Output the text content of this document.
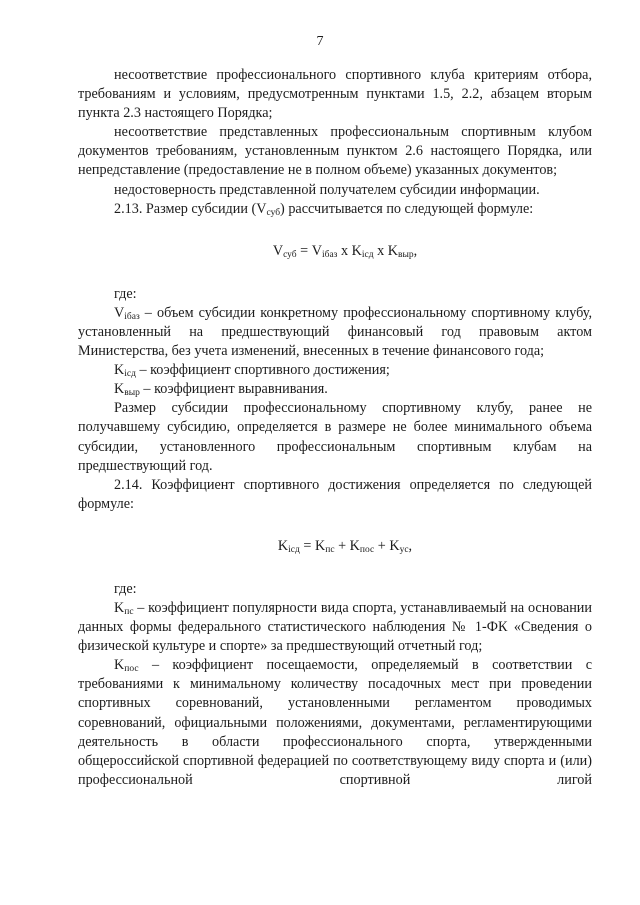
7

несоответствие профессионального спортивного клуба критериям отбора, требованиям и условиям, предусмотренным пунктами 1.5, 2.2, абзацем вторым пункта 2.3 настоящего Порядка;

несоответствие представленных профессиональным спортивным клубом документов требованиям, установленным пунктом 2.6 настоящего Порядка, или непредставление (предоставление не в полном объеме) указанных документов;

недостоверность представленной получателем субсидии информации.

2.13. Размер субсидии $(V_{суб})$ рассчитывается по следующей формуле:

$V_{суб} = V_{iбаз}$ x $K_{iсд}$ x $K_{выр}$,

где:

$V_{iбаз}$ – объем субсидии конкретному профессиональному спортивному клубу, установленный на предшествующий финансовый год правовым актом Министерства, без учета изменений, внесенных в течение финансового года;

$K_{iсд}$ – коэффициент спортивного достижения;

$K_{выр}$ – коэффициент выравнивания.

Размер субсидии профессиональному спортивному клубу, ранее не получавшему субсидию, определяется в размере не более минимального объема субсидии, установленного профессиональным спортивным клубам на предшествующий год.

2.14. Коэффициент спортивного достижения определяется по следующей формуле:

$K_{iсд} = K_{пс} + K_{пос} + K_{ус}$,

где:

$K_{пс}$ – коэффициент популярности вида спорта, устанавливаемый на основании данных формы федерального статистического наблюдения № 1-ФК «Сведения о физической культуре и спорте» за предшествующий отчетный год;

$K_{пос}$ – коэффициент посещаемости, определяемый в соответствии с требованиями к минимальному количеству посадочных мест при проведении спортивных соревнований, установленными регламентом проводимых соревнований, официальными положениями, документами, регламентирующими деятельность в области профессионального спорта, утвержденными общероссийской спортивной федерацией по соответствующему виду спорта и (или) профессиональной спортивной лигой
